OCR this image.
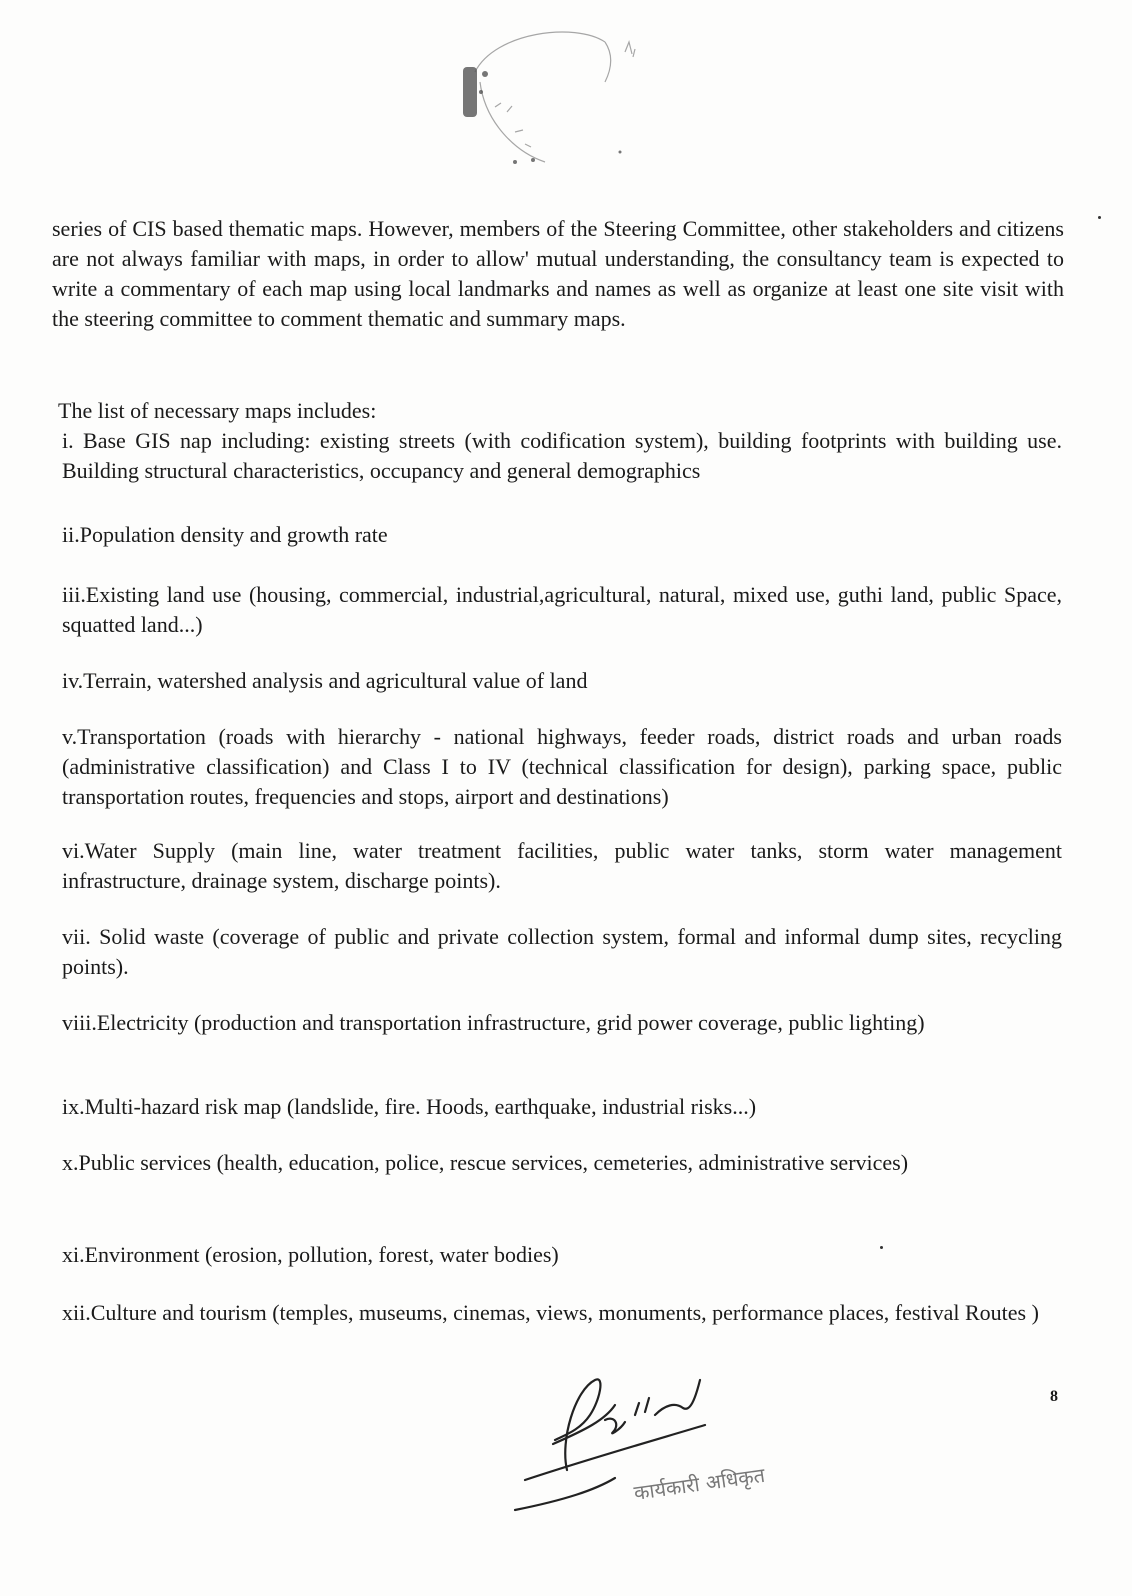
series of CIS based thematic maps. However, members of the Steering Committee, other stakeholders and citizens are not always familiar with maps, in order to allow' mutual understanding, the consultancy team is expected to write a commentary of each map using local landmarks and names as well as organize at least one site visit with the steering committee to comment thematic and summary maps.

The list of necessary maps includes:

i. Base GIS nap including: existing streets (with codification system), building footprints with building use. Building structural characteristics, occupancy and general demographics

ii.Population density and growth rate

iii.Existing land use (housing, commercial, industrial,agricultural, natural, mixed use, guthi land, public Space, squatted land...)

iv.Terrain, watershed analysis and agricultural value of land

v.Transportation (roads with hierarchy - national highways, feeder roads, district roads and urban roads (administrative classification) and Class I to IV (technical classification for design), parking space, public transportation routes, frequencies and stops, airport and destinations)

vi.Water Supply (main line, water treatment facilities, public water tanks, storm water management infrastructure, drainage system, discharge points).

vii. Solid waste (coverage of public and private collection system, formal and informal dump sites, recycling points).

viii.Electricity (production and transportation infrastructure, grid power coverage, public lighting)

ix.Multi-hazard risk map (landslide, fire. Hoods, earthquake, industrial risks...)

x.Public services (health, education, police, rescue services, cemeteries, administrative services)

xi.Environment (erosion, pollution, forest, water bodies)

xii.Culture and tourism (temples, museums, cinemas, views, monuments, performance places, festival Routes )

8
कार्यकारी अधिकृत
